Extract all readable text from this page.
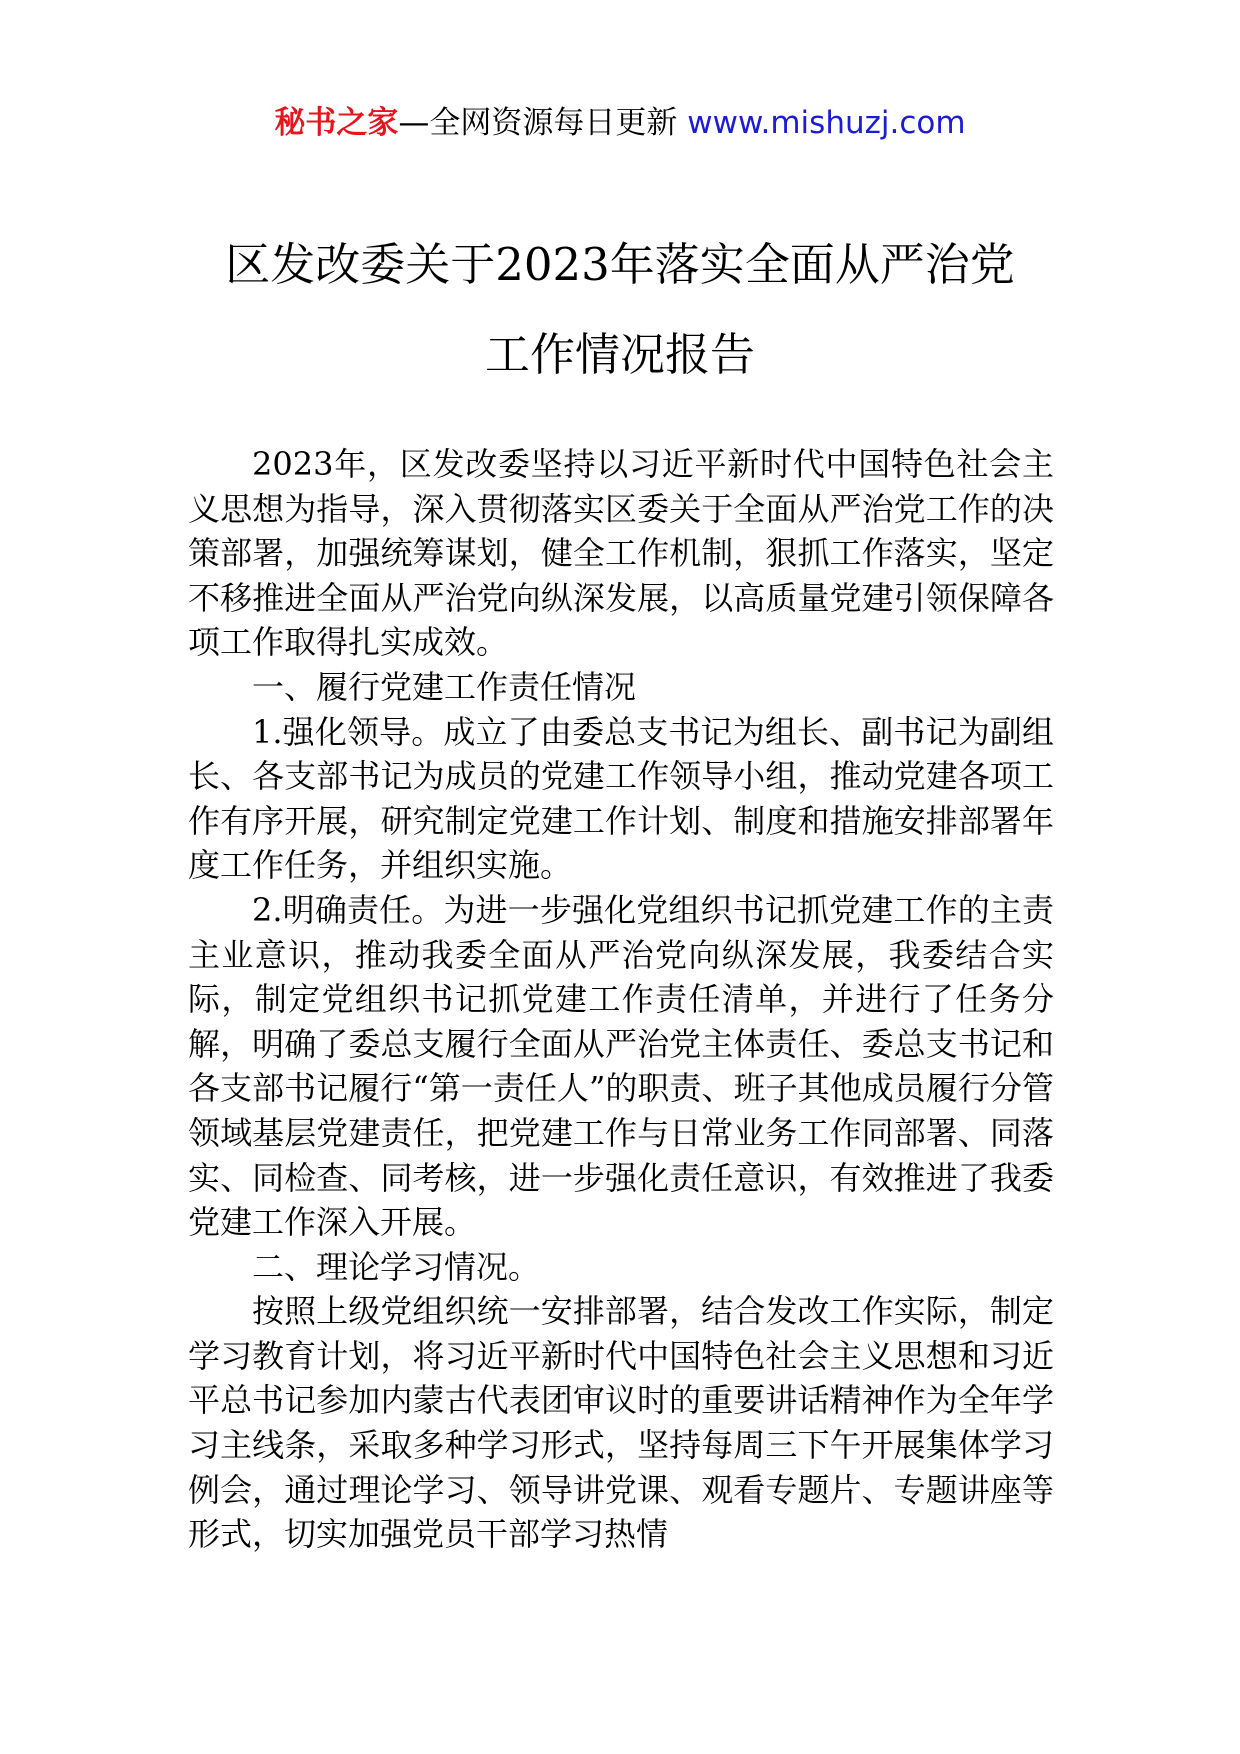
秘书之家—全网资源每日更新 www.mishuzj.com
区发改委关于2023年落实全面从严治党
工作情况报告

2023年，区发改委坚持以习近平新时代中国特色社会主义思想为指导，深入贯彻落实区委关于全面从严治党工作的决策部署，加强统筹谋划，健全工作机制，狠抓工作落实，坚定不移推进全面从严治党向纵深发展，以高质量党建引领保障各项工作取得扎实成效。

一、履行党建工作责任情况

1.强化领导。成立了由委总支书记为组长、副书记为副组长、各支部书记为成员的党建工作领导小组，推动党建各项工作有序开展，研究制定党建工作计划、制度和措施安排部署年度工作任务，并组织实施。

2.明确责任。为进一步强化党组织书记抓党建工作的主责主业意识，推动我委全面从严治党向纵深发展，我委结合实际，制定党组织书记抓党建工作责任清单，并进行了任务分解，明确了委总支履行全面从严治党主体责任、委总支书记和各支部书记履行“第一责任人”的职责、班子其他成员履行分管领域基层党建责任，把党建工作与日常业务工作同部署、同落实、同检查、同考核，进一步强化责任意识，有效推进了我委党建工作深入开展。

二、理论学习情况。

按照上级党组织统一安排部署，结合发改工作实际，制定学习教育计划，将习近平新时代中国特色社会主义思想和习近平总书记参加内蒙古代表团审议时的重要讲话精神作为全年学习主线条，采取多种学习形式，坚持每周三下午开展集体学习例会，通过理论学习、领导讲党课、观看专题片、专题讲座等形式，切实加强党员干部学习热情
